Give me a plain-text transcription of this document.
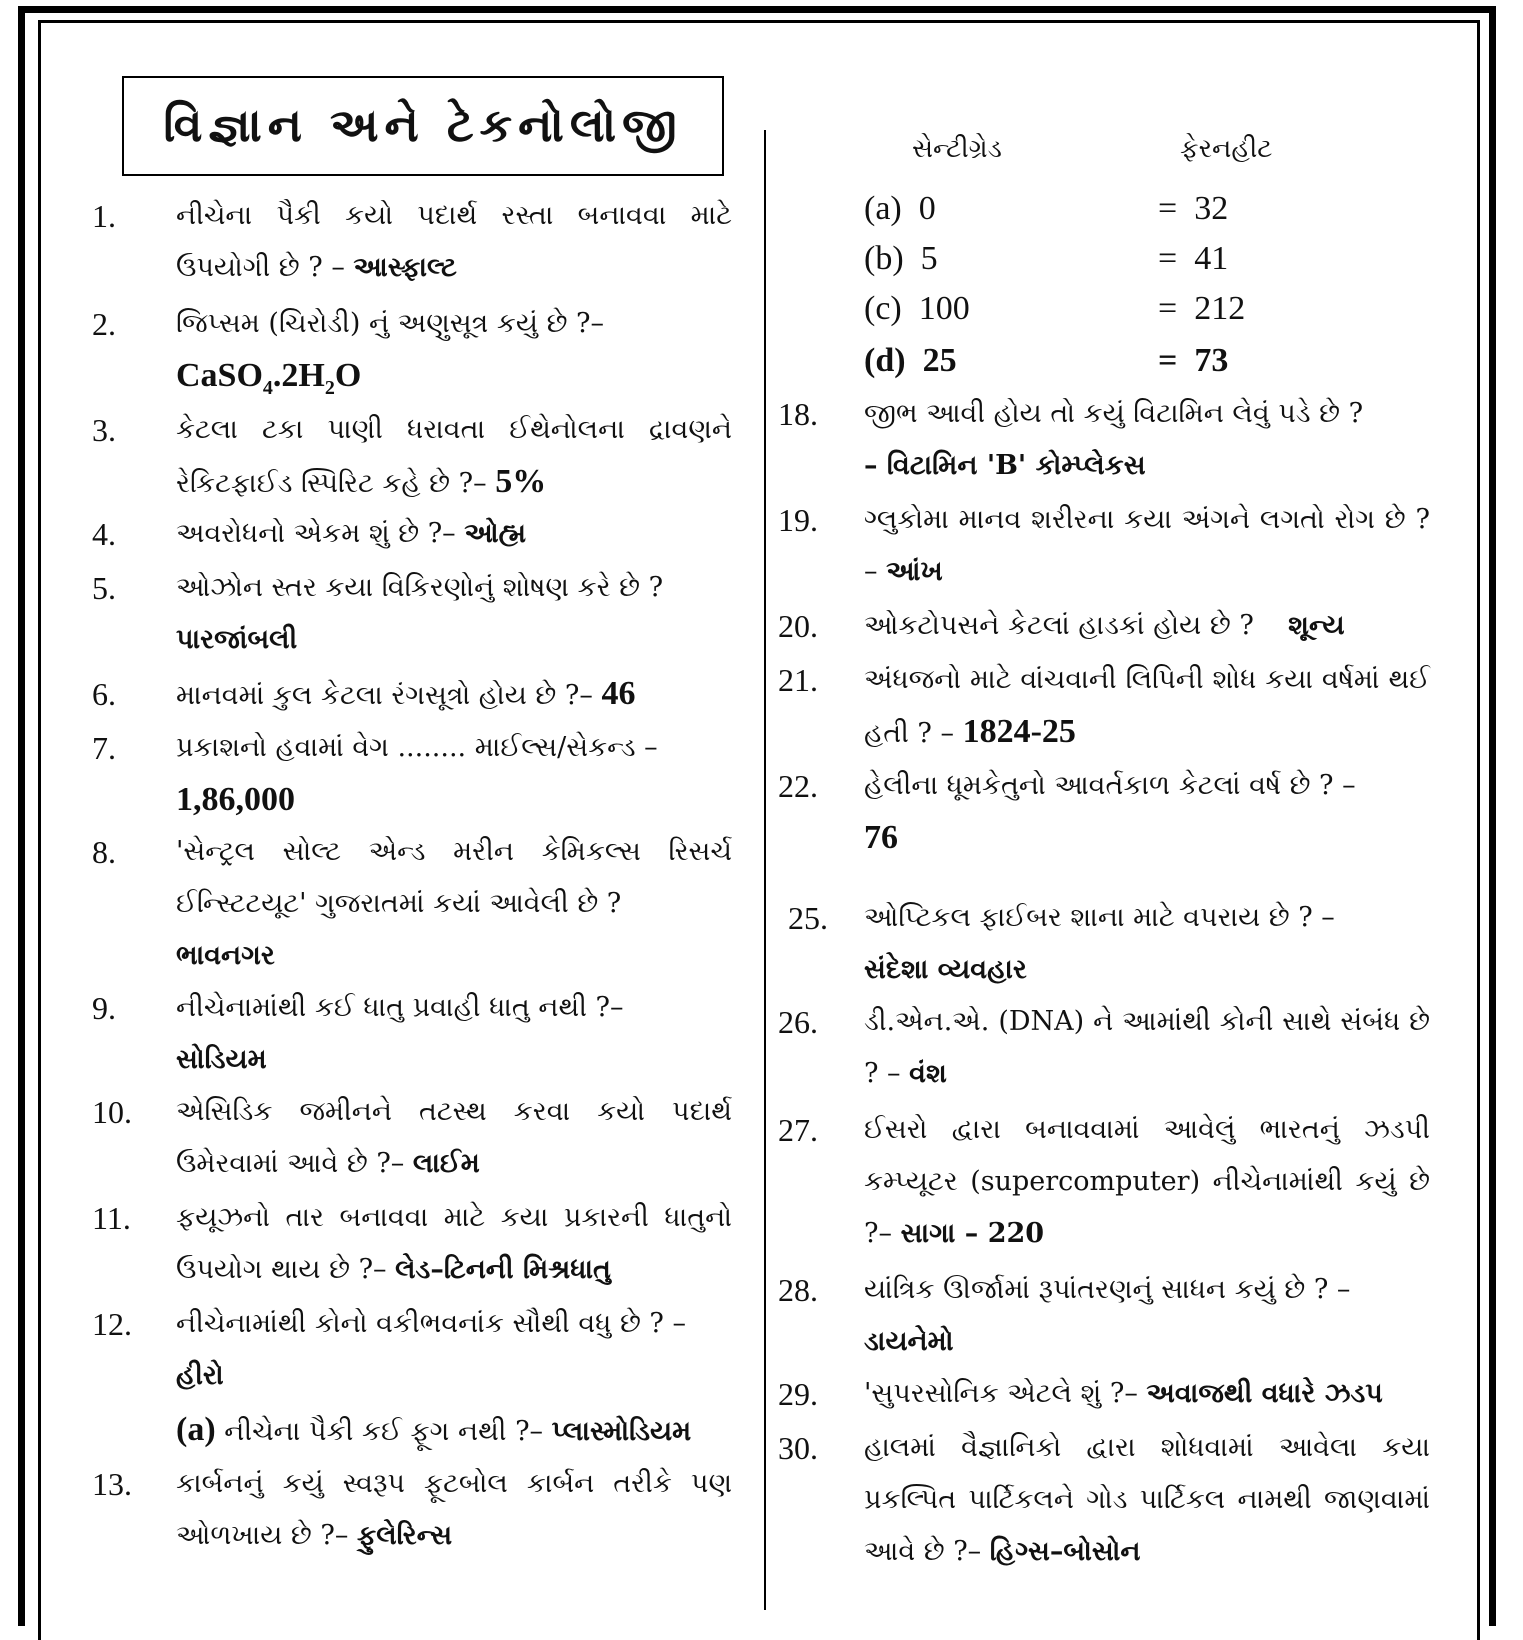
વિજ્ઞાન અને ટેકનોલોજી
1. નીચેના પૈકી કયો પદાર્થ રસ્તા બનાવવા માટે ઉપયોગી છે ? – આસ્ફાલ્ટ
2. જિપ્સમ (ચિરોડી) નું અણુસૂત્ર કયું છે ?–
$CaSO_4.2H_2O$
3. કેટલા ટકા પાણી ધરાવતા ઈથેનોલના દ્રાવણને રેકિટફાઈડ સ્પિરિટ કહે છે ?– 5%
4. અવરોધનો એકમ શું છે ?– ઓહ્મ
5. ઓઝોન સ્તર કયા વિકિરણોનું શોષણ કરે છે ?
પારજાંબલી
6. માનવમાં કુલ કેટલા રંગસૂત્રો હોય છે ?– 46
7. પ્રકાશનો હવામાં વેગ ........ માઈલ્સ/સેકન્ડ –
1,86,000
8. 'સેન્ટ્રલ સોલ્ટ એન્ડ મરીન કેમિકલ્સ રિસર્ચ ઈન્સ્ટિટયૂટ' ગુજરાતમાં કયાં આવેલી છે ?
ભાવનગર
9. નીચેનામાંથી કઈ ધાતુ પ્રવાહી ધાતુ નથી ?–
સોડિયમ
10. એસિડિક જમીનને તટસ્થ કરવા કયો પદાર્થ ઉમેરવામાં આવે છે ?– લાઈમ
11. ફયૂઝનો તાર બનાવવા માટે કયા પ્રકારની ધાતુનો ઉપયોગ થાય છે ?– લેડ–ટિનની મિશ્રધાતુ
12. નીચેનામાંથી કોનો વકીભવનાંક સૌથી વધુ છે ? –
હીરો
(a) નીચેના પૈકી કઈ ફૂગ નથી ?– પ્લાસ્મોડિયમ
13. કાર્બનનું કયું સ્વરૂપ ફૂટબોલ કાર્બન તરીકે પણ ઓળખાય છે ?– ફુલેરિન્સ
સેન્ટીગ્રેડ	ફેરનહીટ
(a) 0	= 32
(b) 5	= 41
(c) 100	= 212
(d) 25	= 73
18. જીભ આવી હોય તો કયું વિટામિન લેવું પડે છે ?
– વિટામિન 'B' કોમ્પ્લેકસ
19. ગ્લુકોમા માનવ શરીરના કયા અંગને લગતો રોગ છે ? – આંખ
20. ઓકટોપસને કેટલાં હાડકાં હોય છે ? શૂન્ય
21. અંધજનો માટે વાંચવાની લિપિની શોધ કયા વર્ષમાં થઈ હતી ? – 1824-25
22. હેલીના ધૂમકેતુનો આવર્તકાળ કેટલાં વર્ષ છે ? –
76
25. ઓપ્ટિકલ ફાઈબર શાના માટે વપરાય છે ? –
સંદેશા વ્યવહાર
26. ડી.એન.એ. (DNA) ને આમાંથી કોની સાથે સંબંધ છે ? – વંશ
27. ઈસરો દ્વારા બનાવવામાં આવેલું ભારતનું ઝડપી કમ્પ્યૂટર (supercomputer) નીચેનામાંથી કયું છે ?– સાગા – 220
28. યાંત્રિક ઊર્જામાં રૂપાંતરણનું સાધન કયું છે ? –
ડાયનેમો
29. 'સુપરસોનિક એટલે શું ?– અવાજથી વધારે ઝડપ
30. હાલમાં વૈજ્ઞાનિકો દ્વારા શોધવામાં આવેલા કયા પ્રકલ્પિત પાર્ટિકલને ગોડ પાર્ટિકલ નામથી જાણવામાં આવે છે ?– હિગ્સ–બોસોન
